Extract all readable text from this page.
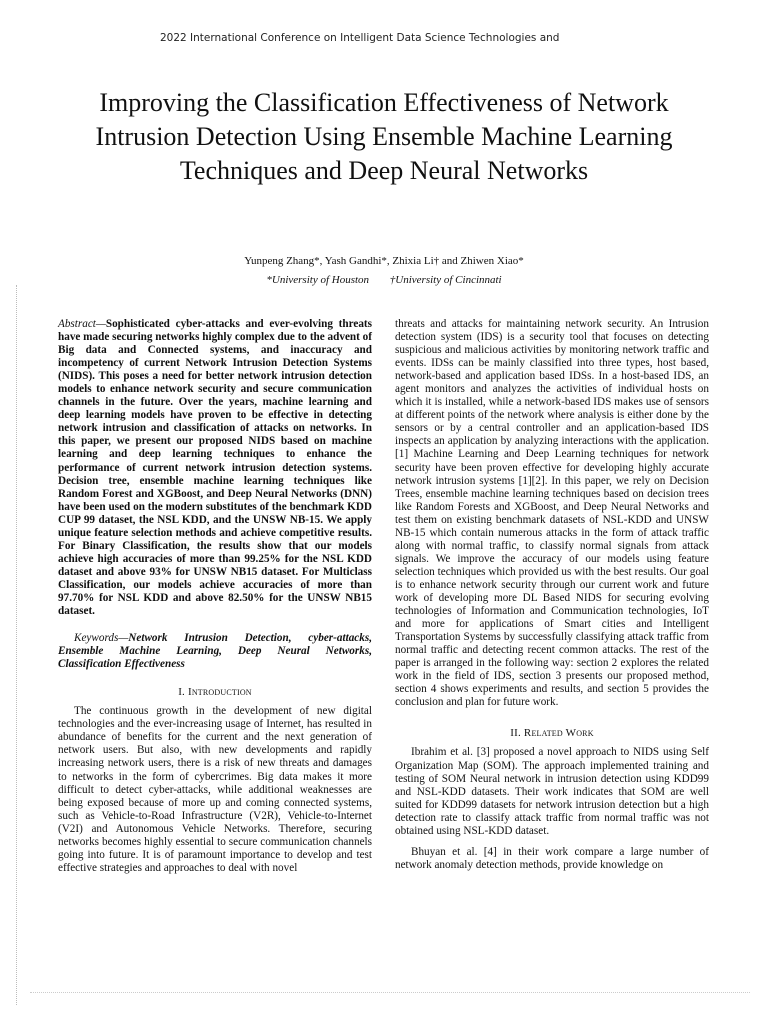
2022 International Conference on Intelligent Data Science Technologies and
Improving the Classification Effectiveness of Network Intrusion Detection Using Ensemble Machine Learning Techniques and Deep Neural Networks
Yunpeng Zhang*, Yash Gandhi*, Zhixia Li† and Zhiwen Xiao*
*University of Houston †University of Cincinnati

Abstract—Sophisticated cyber-attacks and ever-evolving threats have made securing networks highly complex due to the advent of Big data and Connected systems, and inaccuracy and incompetency of current Network Intrusion Detection Systems (NIDS). This poses a need for better network intrusion detection models to enhance network security and secure communication channels in the future. Over the years, machine learning and deep learning models have proven to be effective in detecting network intrusion and classification of attacks on networks. In this paper, we present our proposed NIDS based on machine learning and deep learning techniques to enhance the performance of current network intrusion detection systems. Decision tree, ensemble machine learning techniques like Random Forest and XGBoost, and Deep Neural Networks (DNN) have been used on the modern substitutes of the benchmark KDD CUP 99 dataset, the NSL KDD, and the UNSW NB-15. We apply unique feature selection methods and achieve competitive results. For Binary Classification, the results show that our models achieve high accuracies of more than 99.25% for the NSL KDD dataset and above 93% for UNSW NB15 dataset. For Multiclass Classification, our models achieve accuracies of more than 97.70% for NSL KDD and above 82.50% for the UNSW NB15 dataset.

Keywords—Network Intrusion Detection, cyber-attacks, Ensemble Machine Learning, Deep Neural Networks, Classification Effectiveness

I. Introduction

The continuous growth in the development of new digital technologies and the ever-increasing usage of Internet, has resulted in abundance of benefits for the current and the next generation of network users. But also, with new developments and rapidly increasing network users, there is a risk of new threats and damages to networks in the form of cybercrimes. Big data makes it more difficult to detect cyber-attacks, while additional weaknesses are being exposed because of more up and coming connected systems, such as Vehicle-to-Road Infrastructure (V2R), Vehicle-to-Internet (V2I) and Autonomous Vehicle Networks. Therefore, securing networks becomes highly essential to secure communication channels going into future. It is of paramount importance to develop and test effective strategies and approaches to deal with novel

threats and attacks for maintaining network security. An Intrusion detection system (IDS) is a security tool that focuses on detecting suspicious and malicious activities by monitoring network traffic and events. IDSs can be mainly classified into three types, host based, network-based and application based IDSs. In a host-based IDS, an agent monitors and analyzes the activities of individual hosts on which it is installed, while a network-based IDS makes use of sensors at different points of the network where analysis is either done by the sensors or by a central controller and an application-based IDS inspects an application by analyzing interactions with the application. [1] Machine Learning and Deep Learning techniques for network security have been proven effective for developing highly accurate network intrusion systems [1][2]. In this paper, we rely on Decision Trees, ensemble machine learning techniques based on decision trees like Random Forests and XGBoost, and Deep Neural Networks and test them on existing benchmark datasets of NSL-KDD and UNSW NB-15 which contain numerous attacks in the form of attack traffic along with normal traffic, to classify normal signals from attack signals. We improve the accuracy of our models using feature selection techniques which provided us with the best results. Our goal is to enhance network security through our current work and future work of developing more DL Based NIDS for securing evolving technologies of Information and Communication technologies, IoT and more for applications of Smart cities and Intelligent Transportation Systems by successfully classifying attack traffic from normal traffic and detecting recent common attacks. The rest of the paper is arranged in the following way: section 2 explores the related work in the field of IDS, section 3 presents our proposed method, section 4 shows experiments and results, and section 5 provides the conclusion and plan for future work.

II. Related Work

Ibrahim et al. [3] proposed a novel approach to NIDS using Self Organization Map (SOM). The approach implemented training and testing of SOM Neural network in intrusion detection using KDD99 and NSL-KDD datasets. Their work indicates that SOM are well suited for KDD99 datasets for network intrusion detection but a high detection rate to classify attack traffic from normal traffic was not obtained using NSL-KDD dataset.

Bhuyan et al. [4] in their work compare a large number of network anomaly detection methods, provide knowledge on
